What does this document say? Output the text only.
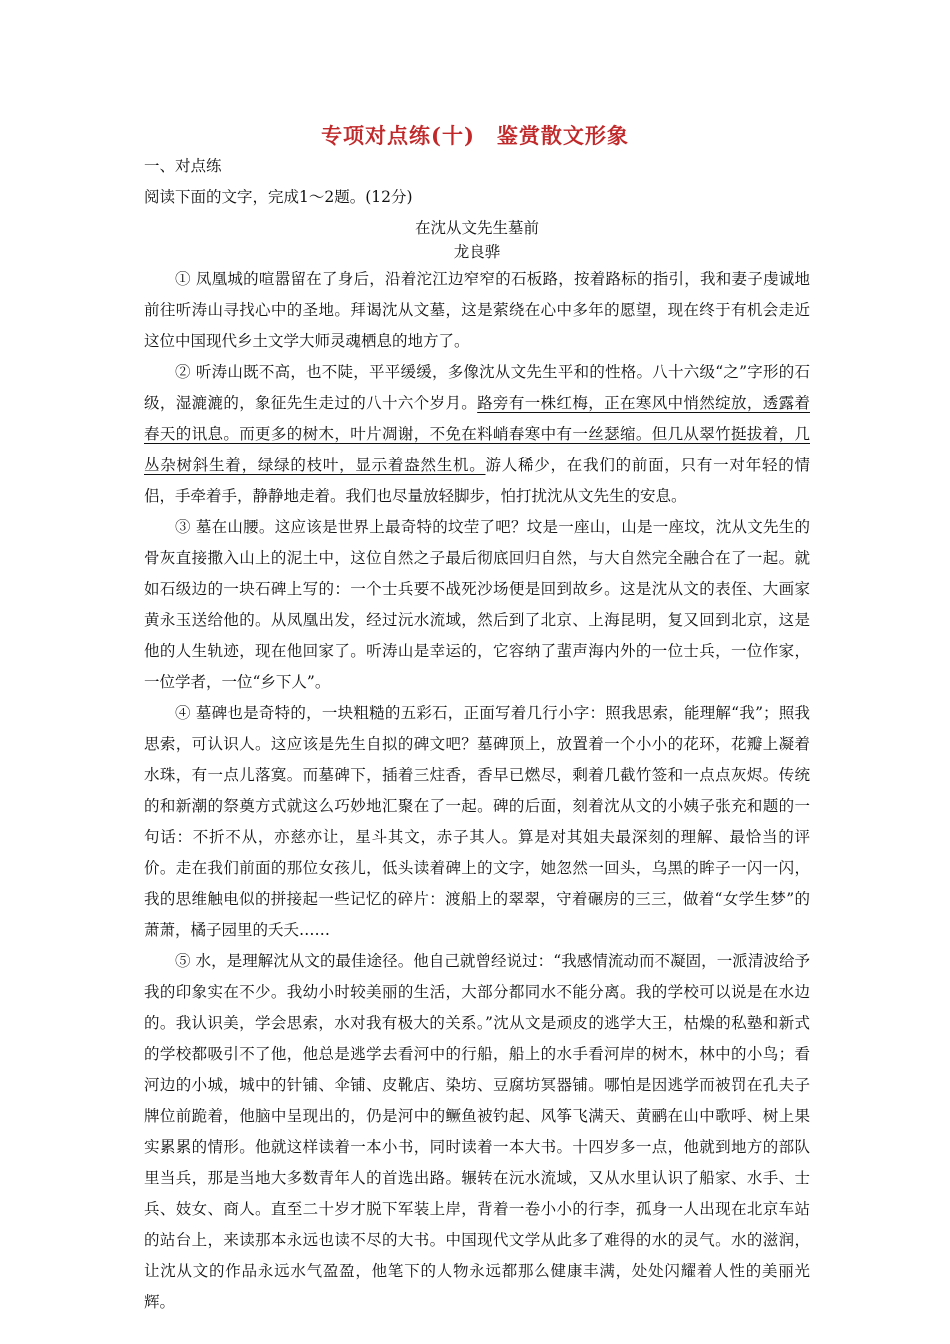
专项对点练(十)　鉴赏散文形象

一、对点练

阅读下面的文字，完成1～2题。(12分)

在沈从文先生墓前

龙良骅

① 凤凰城的喧嚣留在了身后，沿着沱江边窄窄的石板路，按着路标的指引，我和妻子虔诚地前往听涛山寻找心中的圣地。拜谒沈从文墓，这是萦绕在心中多年的愿望，现在终于有机会走近这位中国现代乡土文学大师灵魂栖息的地方了。

② 听涛山既不高，也不陡，平平缓缓，多像沈从文先生平和的性格。八十六级“之”字形的石级，湿漉漉的，象征先生走过的八十六个岁月。路旁有一株红梅，正在寒风中悄然绽放，透露着春天的讯息。而更多的树木，叶片凋谢，不免在料峭春寒中有一丝瑟缩。但几从翠竹挺拔着，几丛杂树斜生着，绿绿的枝叶，显示着盎然生机。游人稀少，在我们的前面，只有一对年轻的情侣，手牵着手，静静地走着。我们也尽量放轻脚步，怕打扰沈从文先生的安息。

③ 墓在山腰。这应该是世界上最奇特的坟茔了吧？坟是一座山，山是一座坟，沈从文先生的骨灰直接撒入山上的泥土中，这位自然之子最后彻底回归自然，与大自然完全融合在了一起。就如石级边的一块石碑上写的：一个士兵要不战死沙场便是回到故乡。这是沈从文的表侄、大画家黄永玉送给他的。从凤凰出发，经过沅水流域，然后到了北京、上海昆明，复又回到北京，这是他的人生轨迹，现在他回家了。听涛山是幸运的，它容纳了蜚声海内外的一位士兵，一位作家，一位学者，一位“乡下人”。

④ 墓碑也是奇特的，一块粗糙的五彩石，正面写着几行小字：照我思索，能理解“我”；照我思索，可认识人。这应该是先生自拟的碑文吧？墓碑顶上，放置着一个小小的花环，花瓣上凝着水珠，有一点儿落寞。而墓碑下，插着三炷香，香早已燃尽，剩着几截竹签和一点点灰烬。传统的和新潮的祭奠方式就这么巧妙地汇聚在了一起。碑的后面，刻着沈从文的小姨子张充和题的一句话：不折不从，亦慈亦让，星斗其文，赤子其人。算是对其姐夫最深刻的理解、最恰当的评价。走在我们前面的那位女孩儿，低头读着碑上的文字，她忽然一回头，乌黑的眸子一闪一闪，我的思维触电似的拼接起一些记忆的碎片：渡船上的翠翠，守着碾房的三三，做着“女学生梦”的萧萧，橘子园里的夭夭……

⑤ 水，是理解沈从文的最佳途径。他自己就曾经说过：“我感情流动而不凝固，一派清波给予我的印象实在不少。我幼小时较美丽的生活，大部分都同水不能分离。我的学校可以说是在水边的。我认识美，学会思索，水对我有极大的关系。”沈从文是顽皮的逃学大王，枯燥的私塾和新式的学校都吸引不了他，他总是逃学去看河中的行船，船上的水手看河岸的树木，林中的小鸟；看河边的小城，城中的针铺、伞铺、皮靴店、染坊、豆腐坊冥器铺。哪怕是因逃学而被罚在孔夫子牌位前跪着，他脑中呈现出的，仍是河中的鳜鱼被钓起、风筝飞满天、黄鹂在山中歌呼、树上果实累累的情形。他就这样读着一本小书，同时读着一本大书。十四岁多一点，他就到地方的部队里当兵，那是当地大多数青年人的首选出路。辗转在沅水流域，又从水里认识了船家、水手、士兵、妓女、商人。直至二十岁才脱下军装上岸，背着一卷小小的行李，孤身一人出现在北京车站的站台上，来读那本永远也读不尽的大书。中国现代文学从此多了难得的水的灵气。水的滋润，让沈从文的作品永远水气盈盈，他笔下的人物永远都那么健康丰满，处处闪耀着人性的美丽光辉。
